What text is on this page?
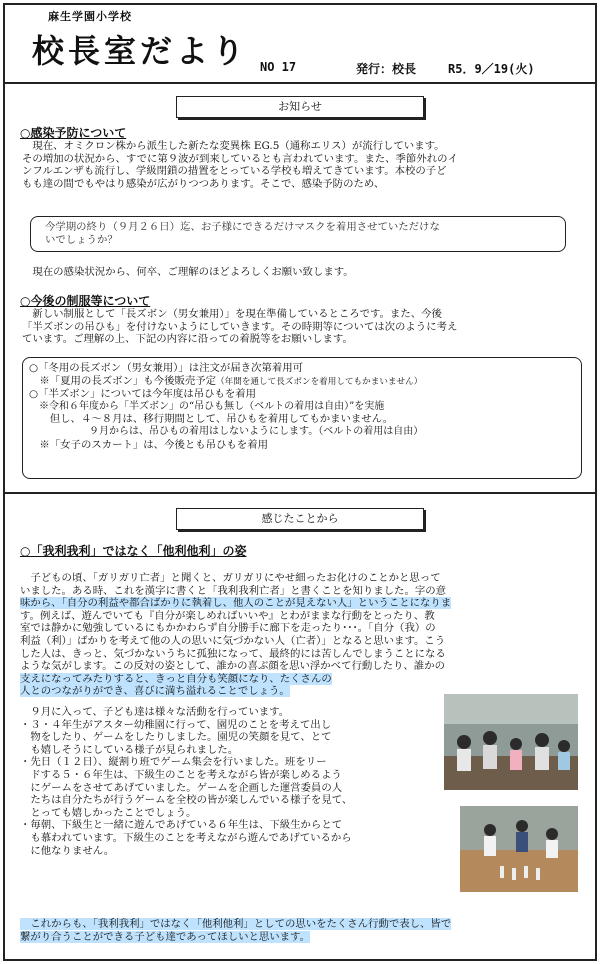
麻生学園小学校
校長室だより NO 17	発行：校長	R5．9／19(火)
お知らせ
○感染予防について
　現在、オミクロン株から派生した新たな変異株 EG.5（通称エリス）が流行しています。
その増加の状況から、すでに第９波が到来しているとも言われています。また、季節外れのイ
ンフルエンザも流行し、学級閉鎖の措置をとっている学校も増えてきています。本校の子ど
もも達の間でもやはり感染が広がりつつあります。そこで、感染予防のため、
今学期の終り（９月２６日）迄、お子様にできるだけマスクを着用させていただけな
いでしょうか？
　現在の感染状況から、何卒、ご理解のほどよろしくお願い致します。
○今後の制服等について
　新しい制服として「長ズボン（男女兼用）」を現在準備しているところです。また、今後
「半ズボンの吊ひも」を付けないようにしていきます。その時期等については次のように考え
ています。ご理解の上、下記の内容に沿っての着脱等をお願いします。
○「冬用の長ズボン（男女兼用）」は注文が届き次第着用可
　※「夏用の長ズボン」も今後販売予定（年間を通して長ズボンを着用してもかまいません）
○「半ズボン」については今年度は吊ひもを着用
　※令和６年度から「半ズボン」の“吊ひも無し（ベルトの着用は自由）”を実施
　　但し、４～８月は、移行期間として、吊ひもを着用してもかまいません。
　　　　　　９月からは、吊ひもの着用はしないようにします。（ベルトの着用は自由）
　※「女子のスカート」は、今後とも吊ひもを着用
感じたことから
○「我利我利」ではなく「他利他利」の姿
　子どもの頃、「ガリガリ亡者」と聞くと、ガリガリにやせ細ったお化けのことかと思って
いました。ある時、これを漢字に書くと「我利我利亡者」と書くことを知りました。字の意
味から、「自分の利益や都合ばかりに執着し、他人のことが見えない人」ということになりま
す。例えば、遊んでいても『自分が楽しめればいいや』とわがままな行動をとったり、教
室では静かに勉強しているにもかかわらず自分勝手に廊下を走ったり･･･。「自分（我）の
利益（利）」ばかりを考えて他の人の思いに気づかない人（亡者）」となると思います。こう
した人は、きっと、気づかないうちに孤独になって、最終的には苦しんでしまうことになる
ような気がします。この反対の姿として、誰かの喜ぶ顔を思い浮かべて行動したり、誰かの
支えになってみたりすると、きっと自分も笑顔になり、たくさんの
人とのつながりができ、喜びに満ち溢れることでしょう。
　９月に入って、子ども達は様々な活動を行っています。
・３・４年生がアスター幼稚園に行って、園児のことを考えて出し
　物をしたり、ゲームをしたりしました。園児の笑顔を見て、とて
　も嬉しそうにしている様子が見られました。
・先日（１２日）、縦割り班でゲーム集会を行いました。班をリー
　ドする５・６年生は、下級生のことを考えながら皆が楽しめるよう
　にゲームをさせてあげていました。ゲームを企画した運営委員の人
　たちは自分たちが行うゲームを全校の皆が楽しんでいる様子を見て、
　とっても嬉しかったことでしょう。
・毎朝、下級生と一緒に遊んであげている６年生は、下級生からとて
　も慕われています。下級生のことを考えながら遊んであげているから
　に他なりません。
　これからも、「我利我利」ではなく「他利他利」としての思いをたくさん行動で表し、皆で
繋がり合うことができる子ども達であってほしいと思います。
